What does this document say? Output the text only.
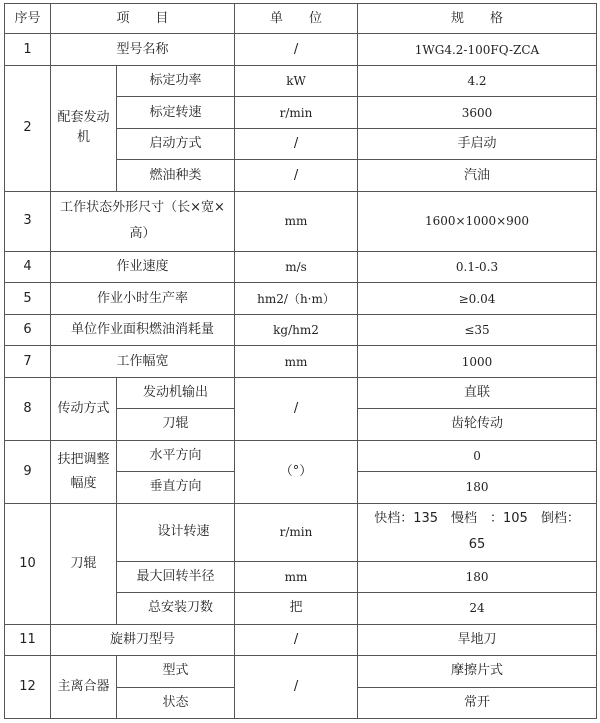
序号	项　　目		单　　位	规　　格
1	型号名称		/	1WG4.2-100FQ-ZCA
2	配套发动机	标定功率	kW	4.2
		标定转速	r/min	3600
		启动方式	/	手启动
		燃油种类	/	汽油
3	工作状态外形尺寸（长×宽×高）		mm	1600×1000×900
4	作业速度		m/s	0.1-0.3
5	作业小时生产率		hm2/（h·m）	≥0.04
6	单位作业面积燃油消耗量		kg/hm2	≤35
7	工作幅宽		mm	1000
8	传动方式	发动机输出	/	直联
		刀辊		齿轮传动
9	扶把调整幅度	水平方向	（°）	0
		垂直方向		180
10	刀辊	设计转速	r/min	快档：135　慢档　：105　倒档：65
		最大回转半径	mm	180
		总安装刀数	把	24
11	旋耕刀型号		/	旱地刀
12	主离合器	型式	/	摩擦片式
		状态		常开
